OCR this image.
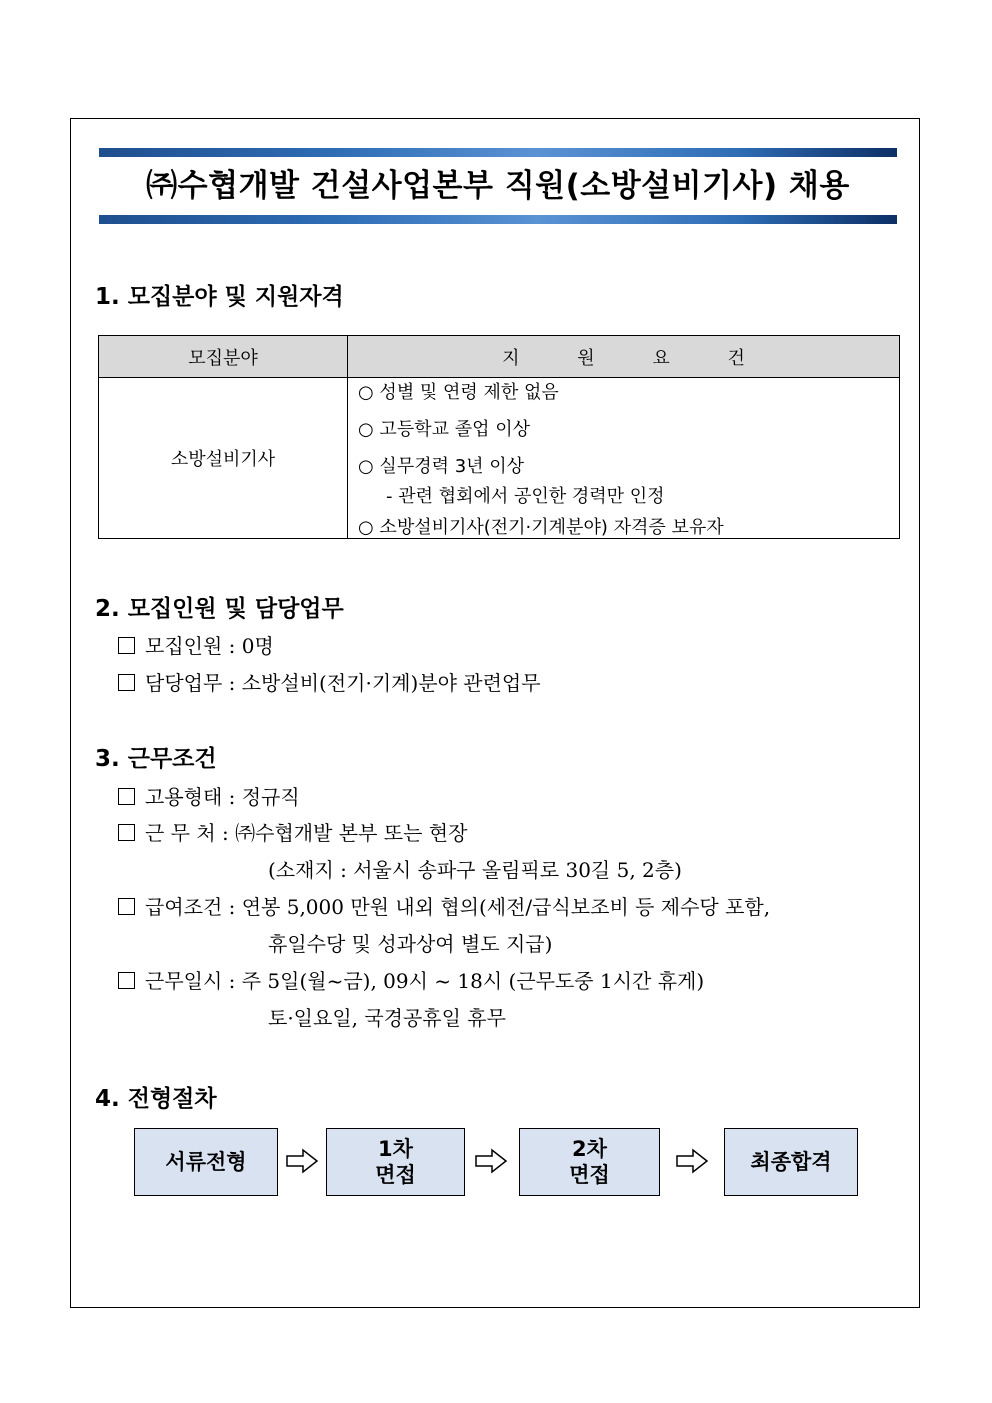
㈜수협개발 건설사업본부 직원(소방설비기사) 채용
1. 모집분야 및 지원자격
모집분야	지 원 요 건
소방설비기사	○ 성별 및 연령 제한 없음
○ 고등학교 졸업 이상
○ 실무경력 3년 이상
- 관련 협회에서 공인한 경력만 인정
○ 소방설비기사(전기·기계분야) 자격증 보유자
2. 모집인원 및 담당업무
모집인원 : 0명
담당업무 : 소방설비(전기·기계)분야 관련업무
3. 근무조건
고용형태 : 정규직
근 무 처 : ㈜수협개발 본부 또는 현장
(소재지 : 서울시 송파구 올림픽로 30길 5, 2층)
급여조건 : 연봉 5,000 만원 내외 협의(세전/급식보조비 등 제수당 포함,
휴일수당 및 성과상여 별도 지급)
근무일시 : 주 5일(월~금), 09시 ~ 18시 (근무도중 1시간 휴게)
토·일요일, 국경공휴일 휴무
4. 전형절차
서류전형
1차
면접
2차
면접
최종합격
